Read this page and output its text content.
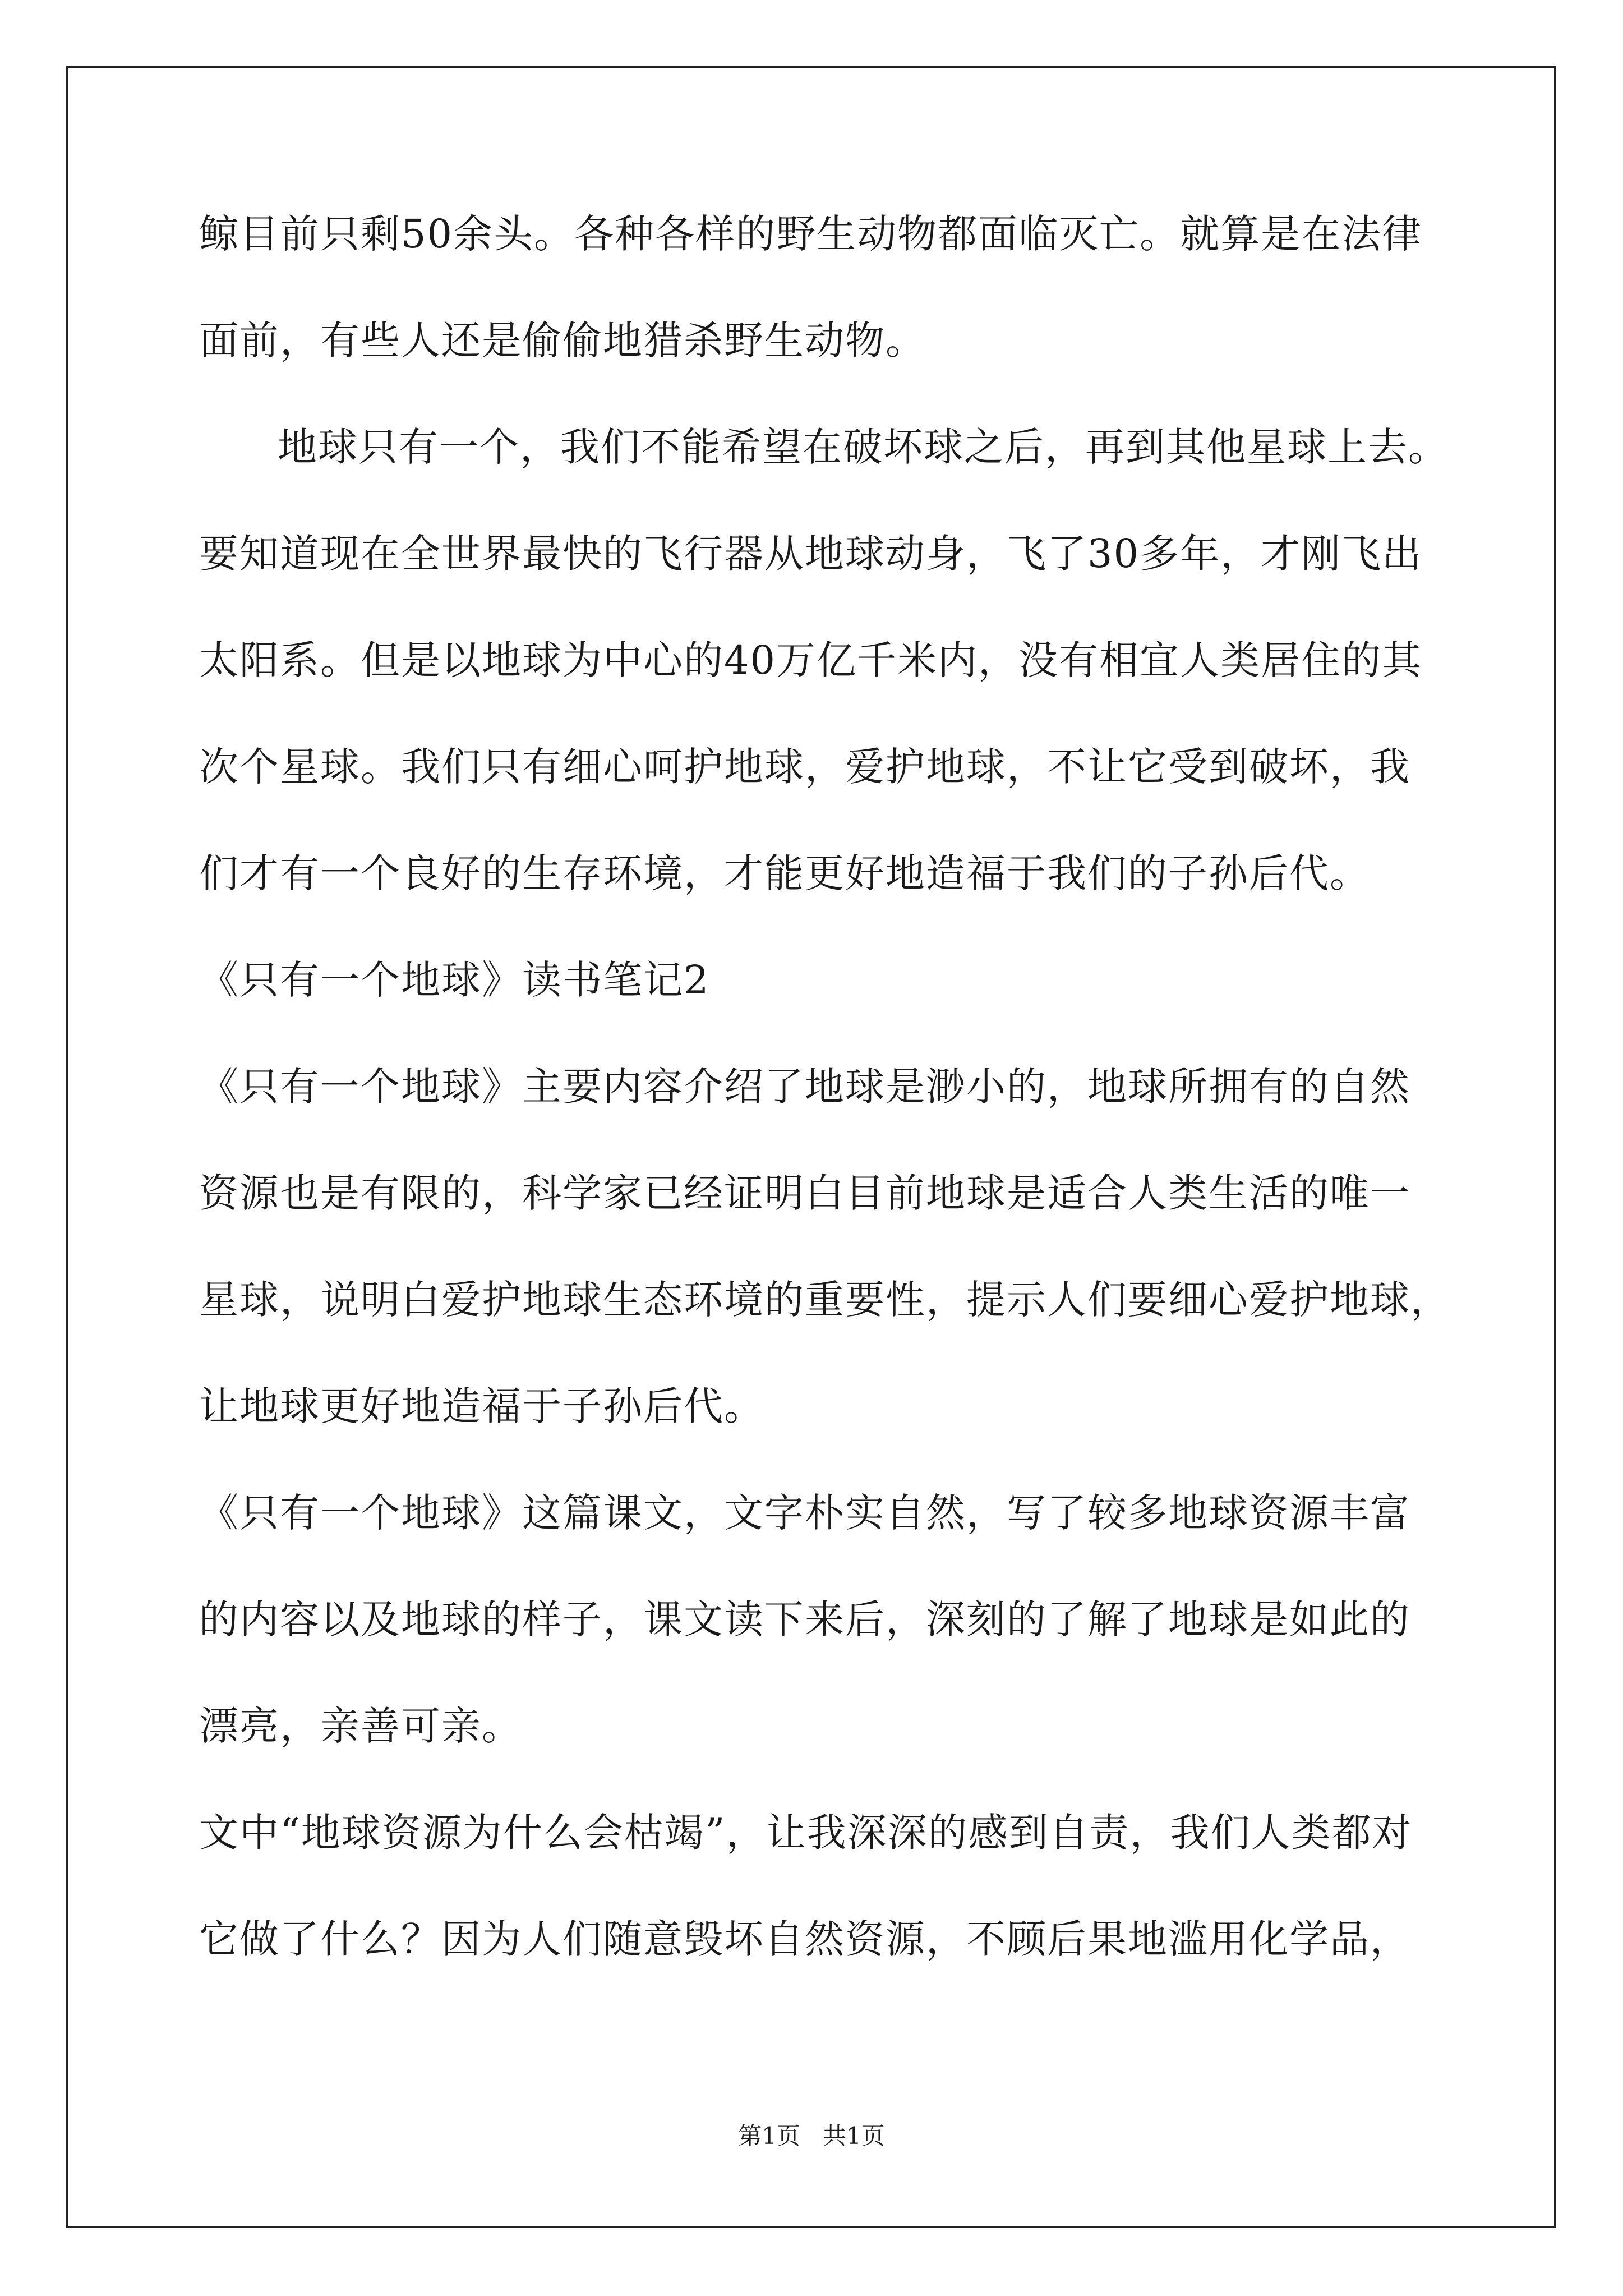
鲸目前只剩50余头。各种各样的野生动物都面临灭亡。就算是在法律

面前，有些人还是偷偷地猎杀野生动物。

地球只有一个，我们不能希望在破坏球之后，再到其他星球上去。

要知道现在全世界最快的飞行器从地球动身，飞了30多年，才刚飞出

太阳系。但是以地球为中心的40万亿千米内，没有相宜人类居住的其

次个星球。我们只有细心呵护地球，爱护地球，不让它受到破坏，我

们才有一个良好的生存环境，才能更好地造福于我们的子孙后代。

《只有一个地球》读书笔记2

《只有一个地球》主要内容介绍了地球是渺小的，地球所拥有的自然

资源也是有限的，科学家已经证明白目前地球是适合人类生活的唯一

星球，说明白爱护地球生态环境的重要性，提示人们要细心爱护地球，

让地球更好地造福于子孙后代。

《只有一个地球》这篇课文，文字朴实自然，写了较多地球资源丰富

的内容以及地球的样子，课文读下来后，深刻的了解了地球是如此的

漂亮，亲善可亲。

文中“地球资源为什么会枯竭”，让我深深的感到自责，我们人类都对

它做了什么？因为人们随意毁坏自然资源，不顾后果地滥用化学品，

第1页 共1页
